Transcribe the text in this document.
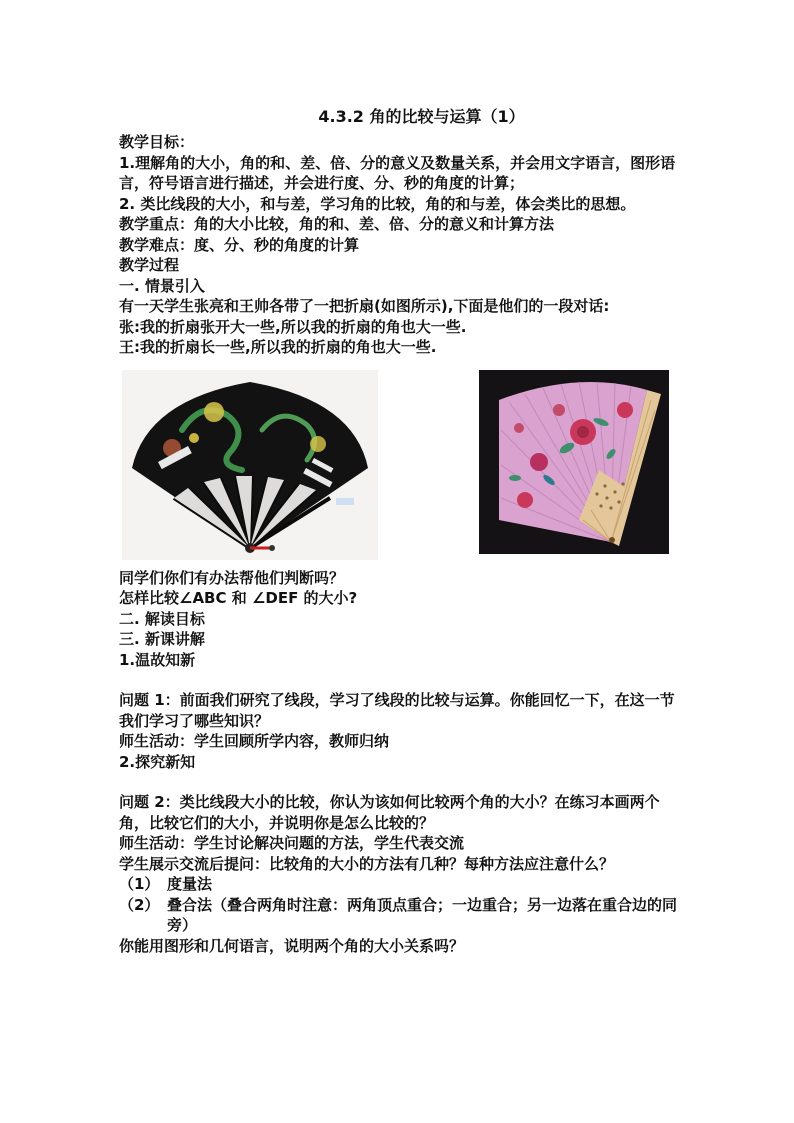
4.3.2 角的比较与运算（1）

教学目标：

1.理解角的大小，角的和、差、倍、分的意义及数量关系，并会用文字语言，图形语言，符号语言进行描述，并会进行度、分、秒的角度的计算；

2. 类比线段的大小，和与差，学习角的比较，角的和与差，体会类比的思想。

教学重点：角的大小比较，角的和、差、倍、分的意义和计算方法

教学难点：度、分、秒的角度的计算

教学过程

一. 情景引入

有一天学生张亮和王帅各带了一把折扇(如图所示),下面是他们的一段对话:

张:我的折扇张开大一些,所以我的折扇的角也大一些.

王:我的折扇长一些,所以我的折扇的角也大一些.

同学们你们有办法帮他们判断吗？

怎样比较∠ABC 和 ∠DEF 的大小?

二. 解读目标

三. 新课讲解

1.温故知新

问题 1：前面我们研究了线段，学习了线段的比较与运算。你能回忆一下，在这一节我们学习了哪些知识？

师生活动：学生回顾所学内容，教师归纳

2.探究新知

问题 2：类比线段大小的比较，你认为该如何比较两个角的大小？在练习本画两个角，比较它们的大小，并说明你是怎么比较的？

师生活动：学生讨论解决问题的方法，学生代表交流

学生展示交流后提问：比较角的大小的方法有几种？每种方法应注意什么？

（1） 度量法
（2） 叠合法（叠合两角时注意：两角顶点重合；一边重合；另一边落在重合边的同旁）

你能用图形和几何语言，说明两个角的大小关系吗？
